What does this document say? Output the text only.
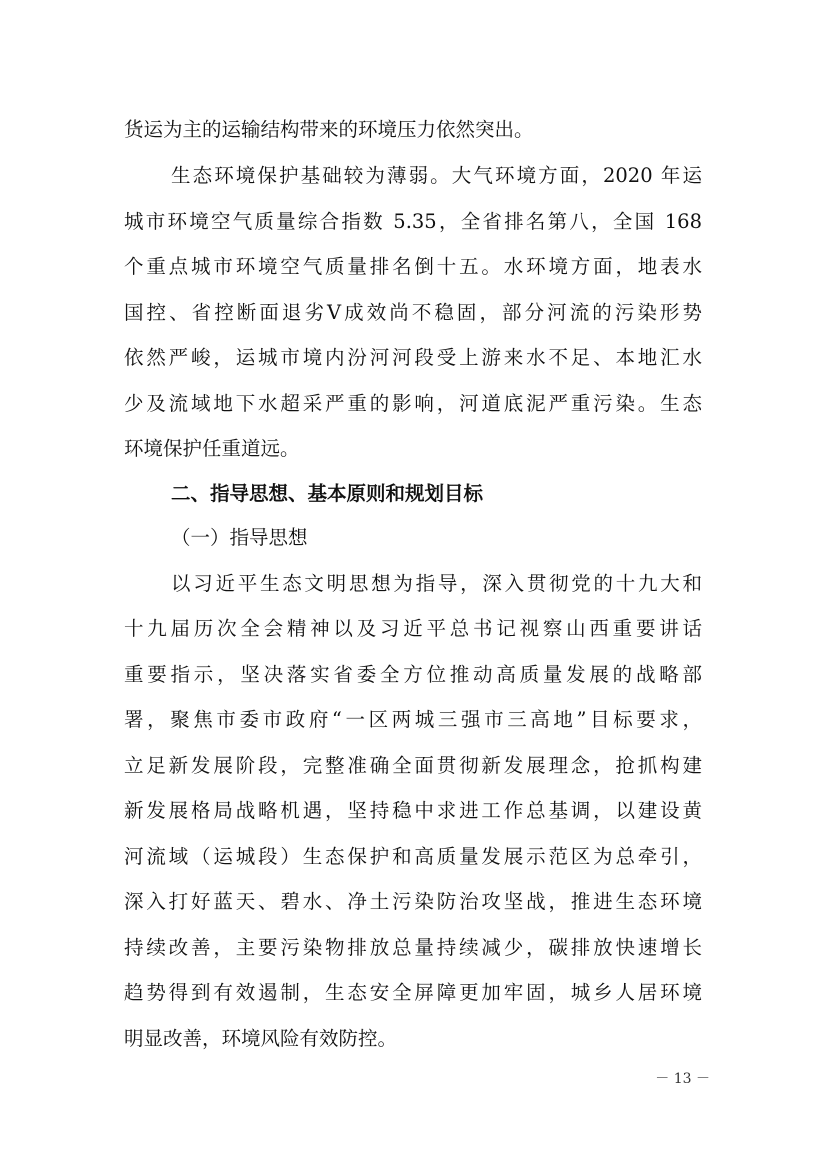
货运为主的运输结构带来的环境压力依然突出。
生态环境保护基础较为薄弱。大气环境方面，2020 年运
城市环境空气质量综合指数 5.35，全省排名第八，全国 168
个重点城市环境空气质量排名倒十五。水环境方面，地表水
国控、省控断面退劣Ⅴ成效尚不稳固，部分河流的污染形势
依然严峻，运城市境内汾河河段受上游来水不足、本地汇水
少及流域地下水超采严重的影响，河道底泥严重污染。生态
环境保护任重道远。
二、指导思想、基本原则和规划目标
（一）指导思想
以习近平生态文明思想为指导，深入贯彻党的十九大和
十九届历次全会精神以及习近平总书记视察山西重要讲话
重要指示，坚决落实省委全方位推动高质量发展的战略部
署，聚焦市委市政府“一区两城三强市三高地”目标要求，
立足新发展阶段，完整准确全面贯彻新发展理念，抢抓构建
新发展格局战略机遇，坚持稳中求进工作总基调，以建设黄
河流域（运城段）生态保护和高质量发展示范区为总牵引，
深入打好蓝天、碧水、净土污染防治攻坚战，推进生态环境
持续改善，主要污染物排放总量持续减少，碳排放快速增长
趋势得到有效遏制，生态安全屏障更加牢固，城乡人居环境
明显改善，环境风险有效防控。
－ 13 －
